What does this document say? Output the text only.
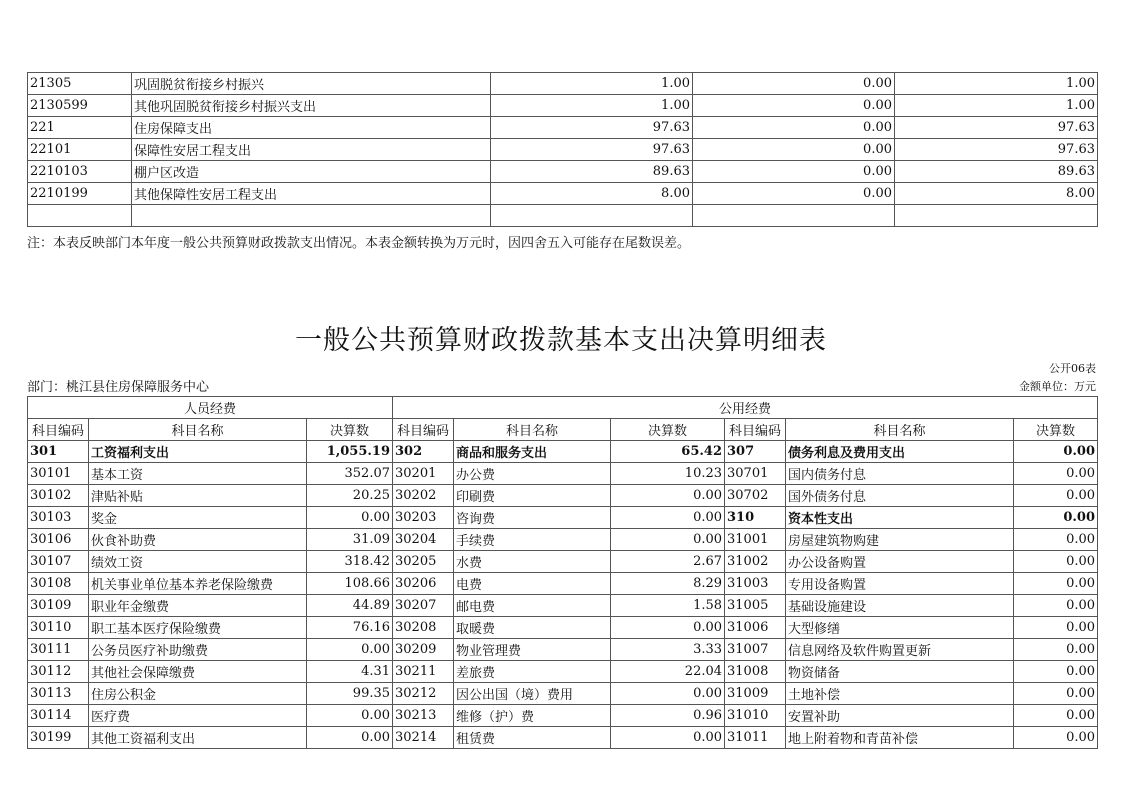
21305	巩固脱贫衔接乡村振兴	1.00	0.00	1.00
2130599	其他巩固脱贫衔接乡村振兴支出	1.00	0.00	1.00
221	住房保障支出	97.63	0.00	97.63
22101	保障性安居工程支出	97.63	0.00	97.63
2210103	棚户区改造	89.63	0.00	89.63
2210199	其他保障性安居工程支出	8.00	0.00	8.00

注：本表反映部门本年度一般公共预算财政拨款支出情况。本表金额转换为万元时，因四舍五入可能存在尾数误差。
一般公共预算财政拨款基本支出决算明细表
公开06表
部门：桃江县住房保障服务中心	金额单位：万元
人员经费			公用经费					
科目编码	科目名称	决算数	科目编码	科目名称	决算数	科目编码	科目名称	决算数
301	工资福利支出	1,055.19	302	商品和服务支出	65.42	307	债务利息及费用支出	0.00
30101	基本工资	352.07	30201	办公费	10.23	30701	国内债务付息	0.00
30102	津贴补贴	20.25	30202	印刷费	0.00	30702	国外债务付息	0.00
30103	奖金	0.00	30203	咨询费	0.00	310	资本性支出	0.00
30106	伙食补助费	31.09	30204	手续费	0.00	31001	房屋建筑物购建	0.00
30107	绩效工资	318.42	30205	水费	2.67	31002	办公设备购置	0.00
30108	机关事业单位基本养老保险缴费	108.66	30206	电费	8.29	31003	专用设备购置	0.00
30109	职业年金缴费	44.89	30207	邮电费	1.58	31005	基础设施建设	0.00
30110	职工基本医疗保险缴费	76.16	30208	取暖费	0.00	31006	大型修缮	0.00
30111	公务员医疗补助缴费	0.00	30209	物业管理费	3.33	31007	信息网络及软件购置更新	0.00
30112	其他社会保障缴费	4.31	30211	差旅费	22.04	31008	物资储备	0.00
30113	住房公积金	99.35	30212	因公出国（境）费用	0.00	31009	土地补偿	0.00
30114	医疗费	0.00	30213	维修（护）费	0.96	31010	安置补助	0.00
30199	其他工资福利支出	0.00	30214	租赁费	0.00	31011	地上附着物和青苗补偿	0.00
